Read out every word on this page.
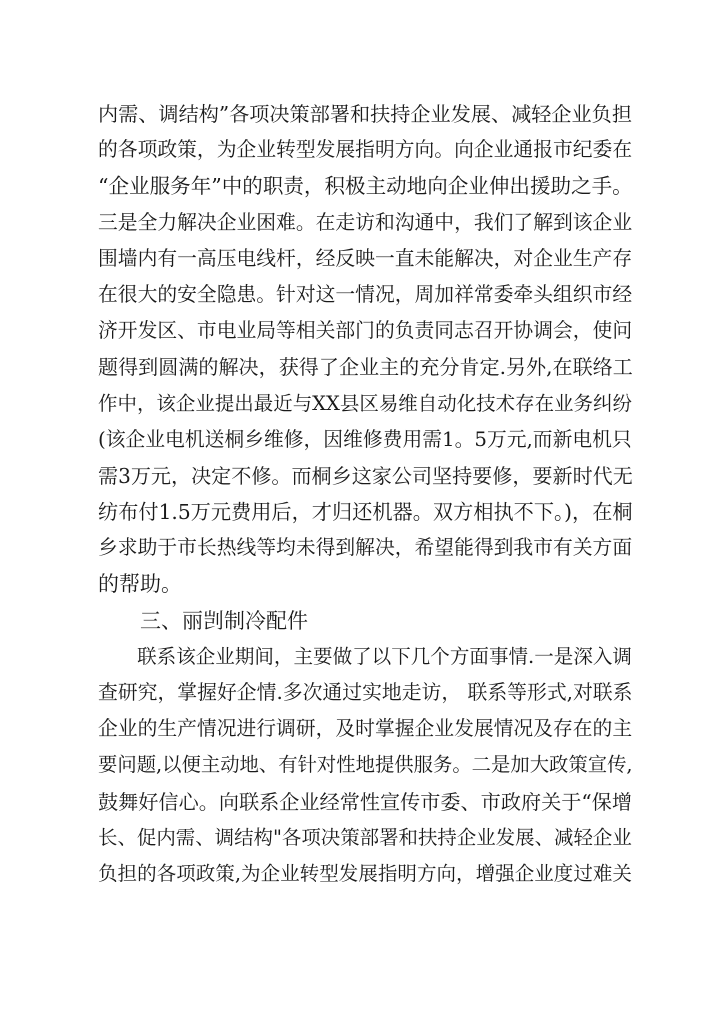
内需、调结构”各项决策部署和扶持企业发展、减轻企业负担
的各项政策，为企业转型发展指明方向。向企业通报市纪委在
“企业服务年”中的职责，积极主动地向企业伸出援助之手。
三是全力解决企业困难。在走访和沟通中，我们了解到该企业
围墙内有一高压电线杆，经反映一直未能解决，对企业生产存
在很大的安全隐患。针对这一情况，周加祥常委牵头组织市经
济开发区、市电业局等相关部门的负责同志召开协调会，使问
题得到圆满的解决，获得了企业主的充分肯定.另外,在联络工
作中，该企业提出最近与XX县区易维自动化技术存在业务纠纷
(该企业电机送桐乡维修，因维修费用需1。5万元,而新电机只
需3万元，决定不修。而桐乡这家公司坚持要修，要新时代无
纺布付1.5万元费用后，才归还机器。双方相执不下。)，在桐
乡求助于市长热线等均未得到解决，希望能得到我市有关方面
的帮助。
　　三、丽剀制冷配件
　　联系该企业期间，主要做了以下几个方面事情.一是深入调
查研究，掌握好企情.多次通过实地走访， 联系等形式,对联系
企业的生产情况进行调研，及时掌握企业发展情况及存在的主
要问题,以便主动地、有针对性地提供服务。二是加大政策宣传,
鼓舞好信心。向联系企业经常性宣传市委、市政府关于“保增
长、促内需、调结构"各项决策部署和扶持企业发展、减轻企业
负担的各项政策,为企业转型发展指明方向，增强企业度过难关
